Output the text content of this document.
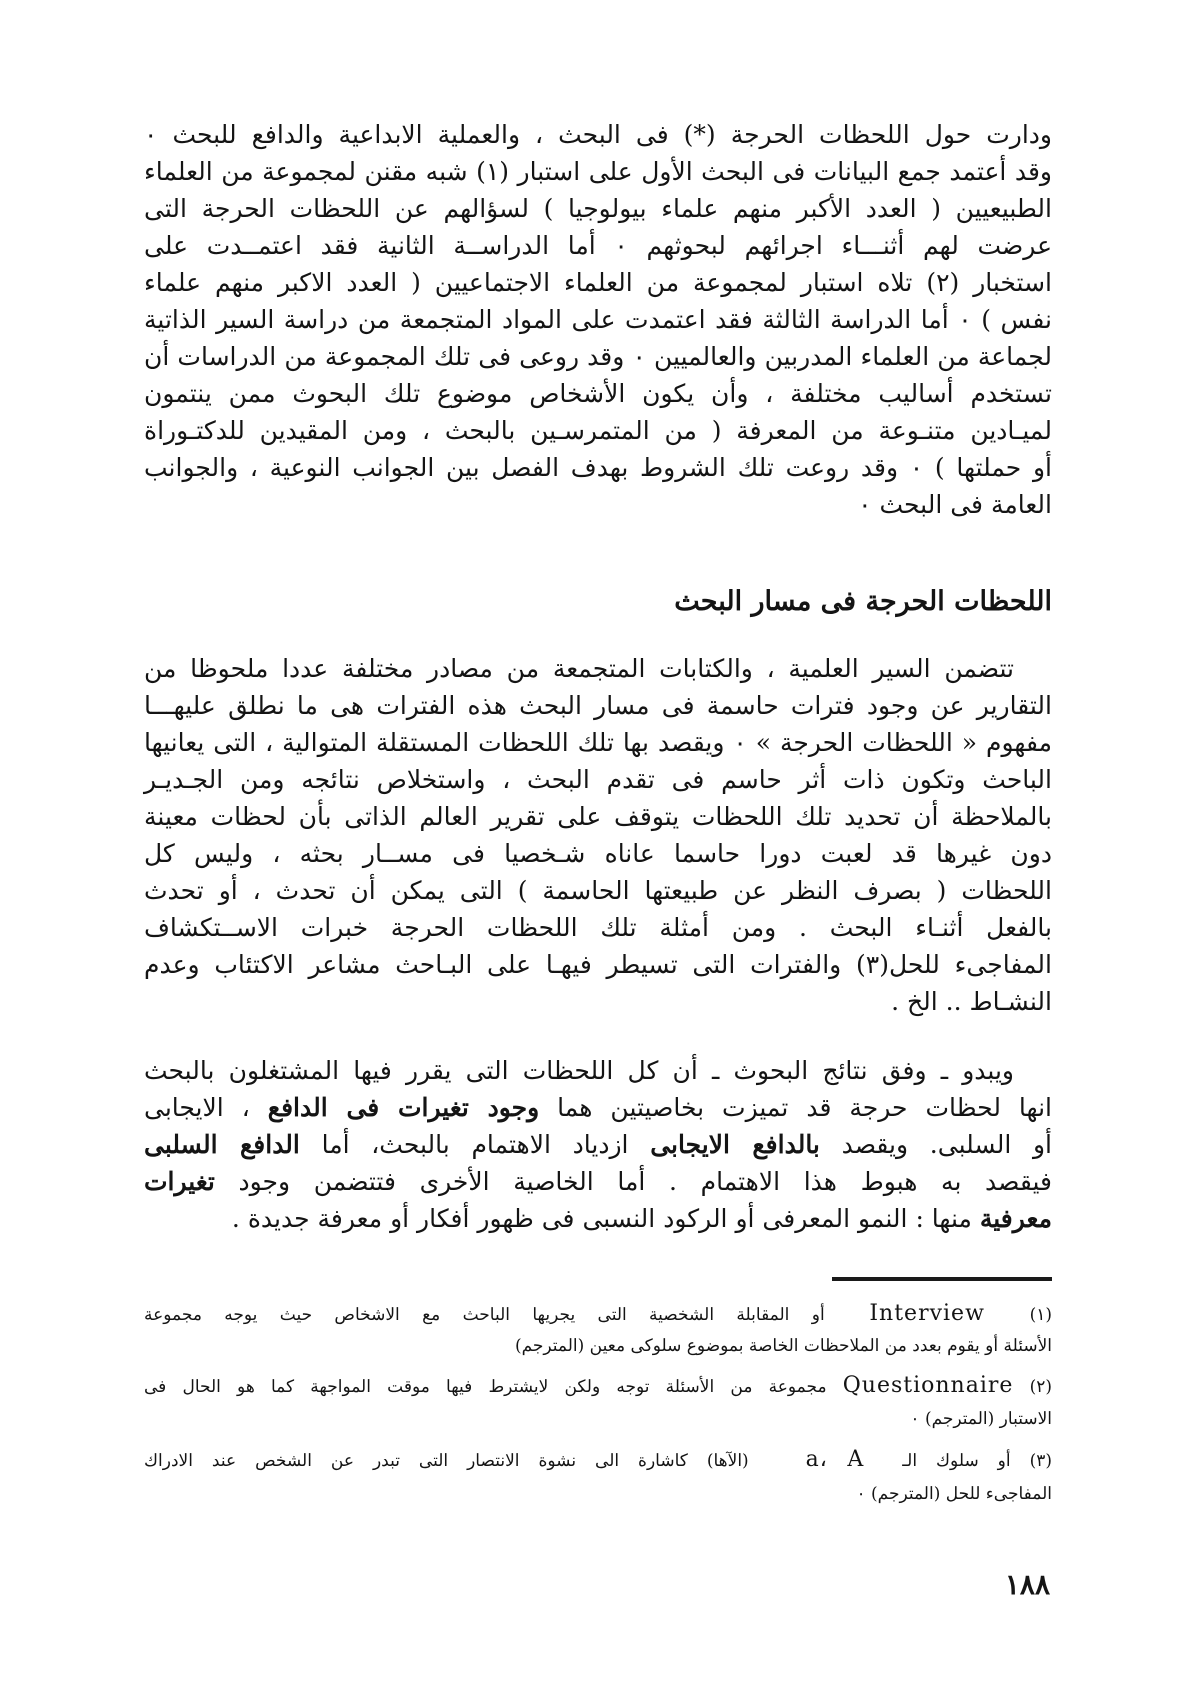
ودارت حول اللحظات الحرجة (*) فى البحث ، والعملية الابداعية والدافع للبحث ٠
وقد أعتمد جمع البيانات فى البحث الأول على استبار (١) شبه مقنن لمجموعة من العلماء
الطبيعيين ( العدد الأكبر منهم علماء بيولوجيا ) لسؤالهم عن اللحظات الحرجة التى
عرضت لهم أثنـــاء اجرائهم لبحوثهم ٠ أما الدراســة الثانية فقد اعتمــدت على
استخبار (٢) تلاه استبار لمجموعة من العلماء الاجتماعيين ( العدد الاكبر منهم علماء
نفس ) ٠ أما الدراسة الثالثة فقد اعتمدت على المواد المتجمعة من دراسة السير الذاتية
لجماعة من العلماء المدربين والعالميين ٠ وقد روعى فى تلك المجموعة من الدراسات أن
تستخدم أساليب مختلفة ، وأن يكون الأشخاص موضوع تلك البحوث ممن ينتمون
لميـادين متنـوعة من المعرفة ( من المتمرسـين بالبحث ، ومن المقيدين للدكتـوراة
أو حملتها ) ٠ وقد روعت تلك الشروط بهدف الفصل بين الجوانب النوعية ، والجوانب
العامة فى البحث ٠
اللحظات الحرجة فى مسار البحث
تتضمن السير العلمية ، والكتابات المتجمعة من مصادر مختلفة عددا ملحوظا من
التقارير عن وجود فترات حاسمة فى مسار البحث هذه الفترات هى ما نطلق عليهـــا
مفهوم « اللحظات الحرجة » ٠ ويقصد بها تلك اللحظات المستقلة المتوالية ، التى يعانيها
الباحث وتكون ذات أثر حاسم فى تقدم البحث ، واستخلاص نتائجه ومن الجـديـر
بالملاحظة أن تحديد تلك اللحظات يتوقف على تقرير العالم الذاتى بأن لحظات معينة
دون غيرها قد لعبت دورا حاسما عاناه شـخصيا فى مســار بحثه ، وليس كل
اللحظات ( بصرف النظر عن طبيعتها الحاسمة ) التى يمكن أن تحدث ، أو تحدث
بالفعل أثنـاء البحث . ومن أمثلة تلك اللحظات الحرجة خبرات الاســتكشاف
المفاجىء للحل(٣) والفترات التى تسيطر فيهـا على البـاحث مشاعر الاكتئاب وعدم
النشـاط .. الخ .
ويبدو ـ وفق نتائج البحوث ـ أن كل اللحظات التى يقرر فيها المشتغلون بالبحث
انها لحظات حرجة قد تميزت بخاصيتين هما وجود تغيرات فى الدافع ، الايجابى
أو السلبى. ويقصد بالدافع الايجابى ازدياد الاهتمام بالبحث، أما الدافع السلبى
فيقصد به هبوط هذا الاهتمام . أما الخاصية الأخرى فتتضمن وجود تغيرات
معرفية منها : النمو المعرفى أو الركود النسبى فى ظهور أفكار أو معرفة جديدة .
(١)  Interview  أو المقابلة الشخصية التى يجريها الباحث مع الاشخاص حيث يوجه مجموعة
الأسئلة أو يقوم بعدد من الملاحظات الخاصة بموضوع سلوكى معين (المترجم)
(٢) Questionnaire مجموعة من الأسئلة توجه ولكن لايشترط فيها موقت المواجهة كما هو الحال فى
الاستبار (المترجم) ٠
(٣) أو سلوك الـ  a، A   (الآها) كاشارة الى نشوة الانتصار التى تبدر عن الشخص عند الادراك
المفاجىء للحل (المترجم) ٠
١٨٨
